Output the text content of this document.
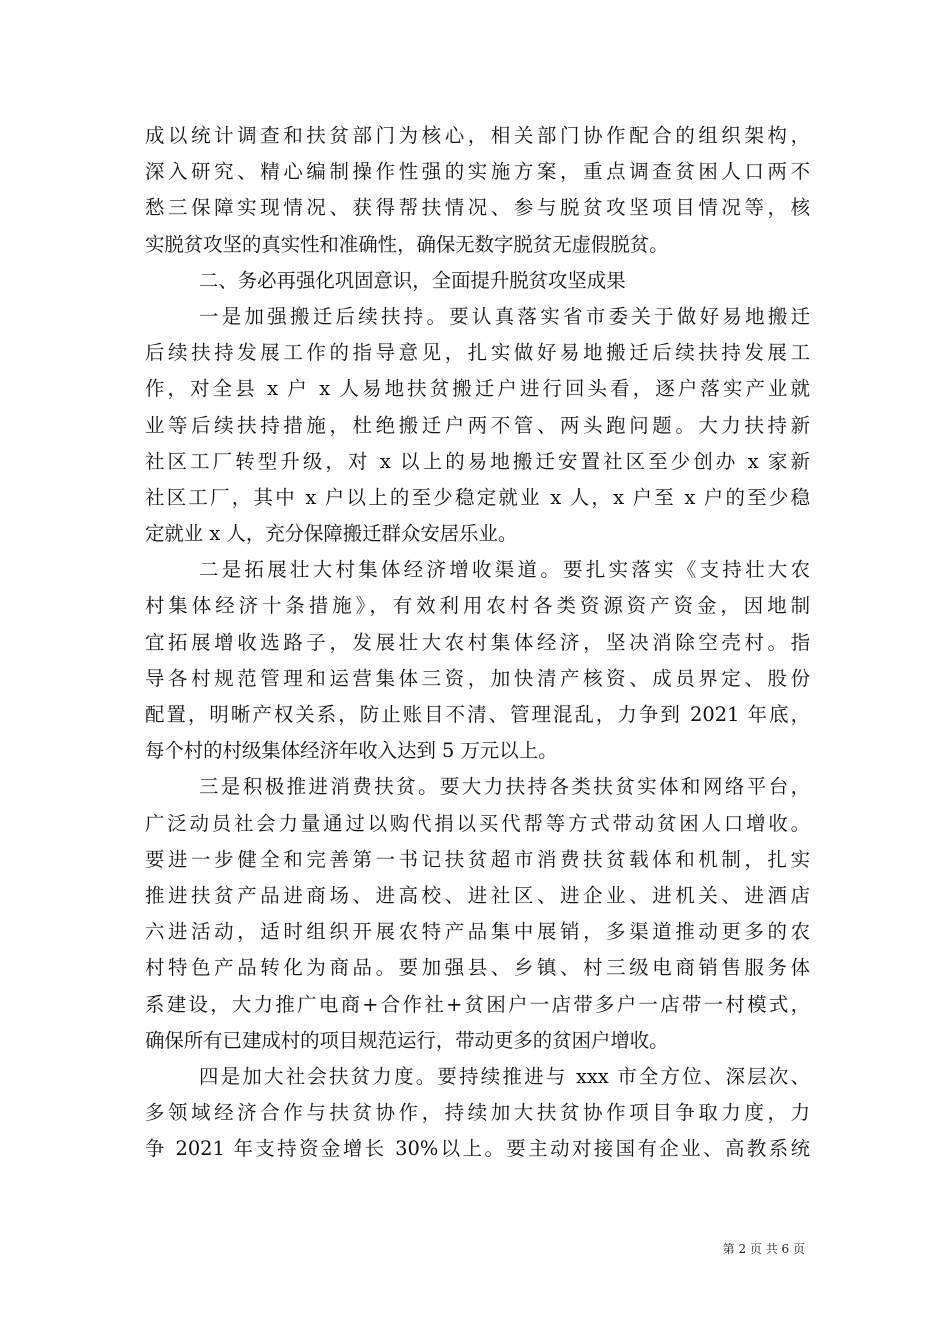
成以统计调查和扶贫部门为核心，相关部门协作配合的组织架构，
深入研究、精心编制操作性强的实施方案，重点调查贫困人口两不
愁三保障实现情况、获得帮扶情况、参与脱贫攻坚项目情况等，核
实脱贫攻坚的真实性和准确性，确保无数字脱贫无虚假脱贫。
二、务必再强化巩固意识，全面提升脱贫攻坚成果
一是加强搬迁后续扶持。要认真落实省市委关于做好易地搬迁
后续扶持发展工作的指导意见，扎实做好易地搬迁后续扶持发展工
作，对全县 x 户 x 人易地扶贫搬迁户进行回头看，逐户落实产业就
业等后续扶持措施，杜绝搬迁户两不管、两头跑问题。大力扶持新
社区工厂转型升级，对 x 以上的易地搬迁安置社区至少创办 x 家新
社区工厂，其中 x 户以上的至少稳定就业 x 人，x 户至 x 户的至少稳
定就业 x 人，充分保障搬迁群众安居乐业。
二是拓展壮大村集体经济增收渠道。要扎实落实《支持壮大农
村集体经济十条措施》，有效利用农村各类资源资产资金，因地制
宜拓展增收选路子，发展壮大农村集体经济，坚决消除空壳村。指
导各村规范管理和运营集体三资，加快清产核资、成员界定、股份
配置，明晰产权关系，防止账目不清、管理混乱，力争到 2021 年底，
每个村的村级集体经济年收入达到 5 万元以上。
三是积极推进消费扶贫。要大力扶持各类扶贫实体和网络平台，
广泛动员社会力量通过以购代捐以买代帮等方式带动贫困人口增收。
要进一步健全和完善第一书记扶贫超市消费扶贫载体和机制，扎实
推进扶贫产品进商场、进高校、进社区、进企业、进机关、进酒店
六进活动，适时组织开展农特产品集中展销，多渠道推动更多的农
村特色产品转化为商品。要加强县、乡镇、村三级电商销售服务体
系建设，大力推广电商+合作社+贫困户一店带多户一店带一村模式，
确保所有已建成村的项目规范运行，带动更多的贫困户增收。
四是加大社会扶贫力度。要持续推进与 xxx 市全方位、深层次、
多领域经济合作与扶贫协作，持续加大扶贫协作项目争取力度，力
争 2021 年支持资金增长 30%以上。要主动对接国有企业、高教系统
第 2 页 共 6 页
